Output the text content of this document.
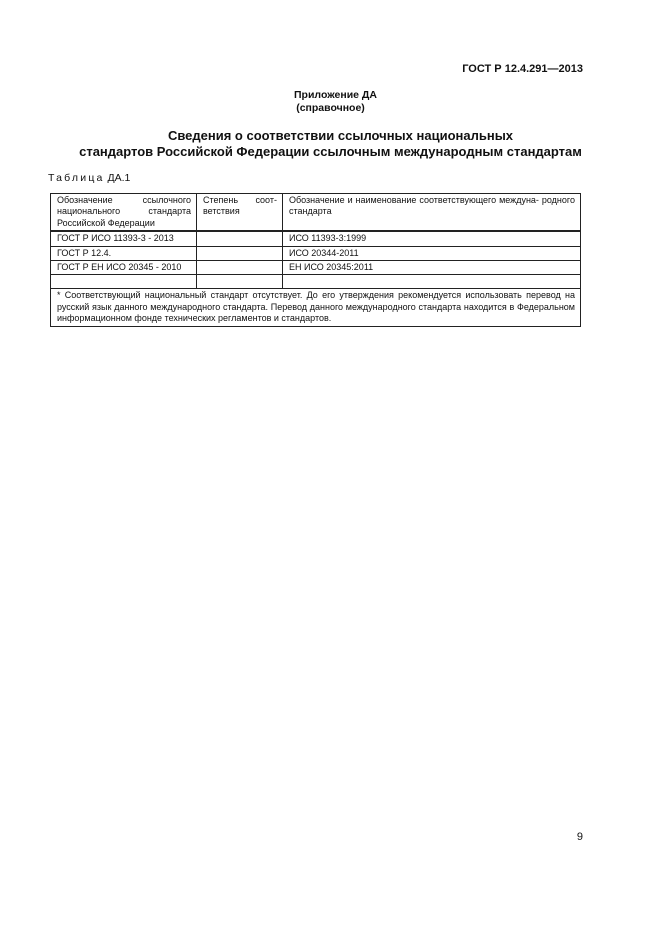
ГОСТ Р 12.4.291—2013
Приложение ДА
(справочное)
Сведения о соответствии ссылочных национальных
стандартов Российской Федерации ссылочным международным стандартам
Таблица ДА.1
Обозначение ссылочного национального стандарта Российской Федерации	Степень соот- ветствия	Обозначение и наименование соответствующего междуна- родного стандарта
ГОСТ Р ИСО 11393-3 - 2013		ИСО 11393-3:1999
ГОСТ Р 12.4.		ИСО 20344-2011
ГОСТ Р ЕН ИСО 20345 - 2010		ЕН ИСО 20345:2011

* Соответствующий национальный стандарт отсутствует. До его утверждения рекомендуется использовать перевод на русский язык данного международного стандарта. Перевод данного международного стандарта находится в Федеральном информационном фонде технических регламентов и стандартов.		
9
